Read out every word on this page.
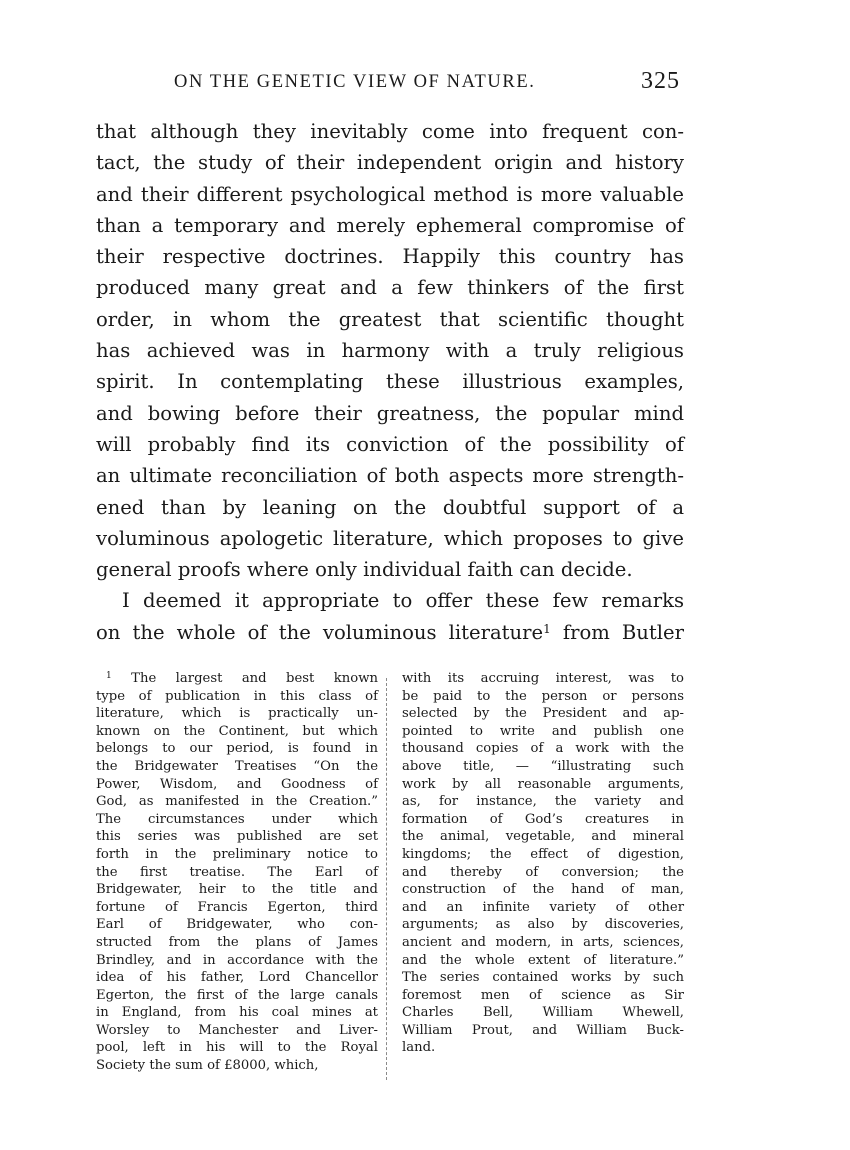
ON THE GENETIC VIEW OF NATURE.	325
that although they inevitably come into frequent con-
tact, the study of their independent origin and history
and their different psychological method is more valuable
than a temporary and merely ephemeral compromise of
their respective doctrines. Happily this country has
produced many great and a few thinkers of the first
order, in whom the greatest that scientific thought
has achieved was in harmony with a truly religious
spirit. In contemplating these illustrious examples,
and bowing before their greatness, the popular mind
will probably find its conviction of the possibility of
an ultimate reconciliation of both aspects more strength-
ened than by leaning on the doubtful support of a
voluminous apologetic literature, which proposes to give
general proofs where only individual faith can decide.
I deemed it appropriate to offer these few remarks
on the whole of the voluminous literature$^1$ from Butler
$^1$ The largest and best known
type of publication in this class of
literature, which is practically un-
known on the Continent, but which
belongs to our period, is found in
the Bridgewater Treatises “On the
Power, Wisdom, and Goodness of
God, as manifested in the Creation.”
The circumstances under which
this series was published are set
forth in the preliminary notice to
the first treatise. The Earl of
Bridgewater, heir to the title and
fortune of Francis Egerton, third
Earl of Bridgewater, who con-
structed from the plans of James
Brindley, and in accordance with the
idea of his father, Lord Chancellor
Egerton, the first of the large canals
in England, from his coal mines at
Worsley to Manchester and Liver-
pool, left in his will to the Royal
Society the sum of £8000, which,
with its accruing interest, was to
be paid to the person or persons
selected by the President and ap-
pointed to write and publish one
thousand copies of a work with the
above title, — “illustrating such
work by all reasonable arguments,
as, for instance, the variety and
formation of God’s creatures in
the animal, vegetable, and mineral
kingdoms; the effect of digestion,
and thereby of conversion; the
construction of the hand of man,
and an infinite variety of other
arguments; as also by discoveries,
ancient and modern, in arts, sciences,
and the whole extent of literature.”
The series contained works by such
foremost men of science as Sir
Charles Bell, William Whewell,
William Prout, and William Buck-
land.
